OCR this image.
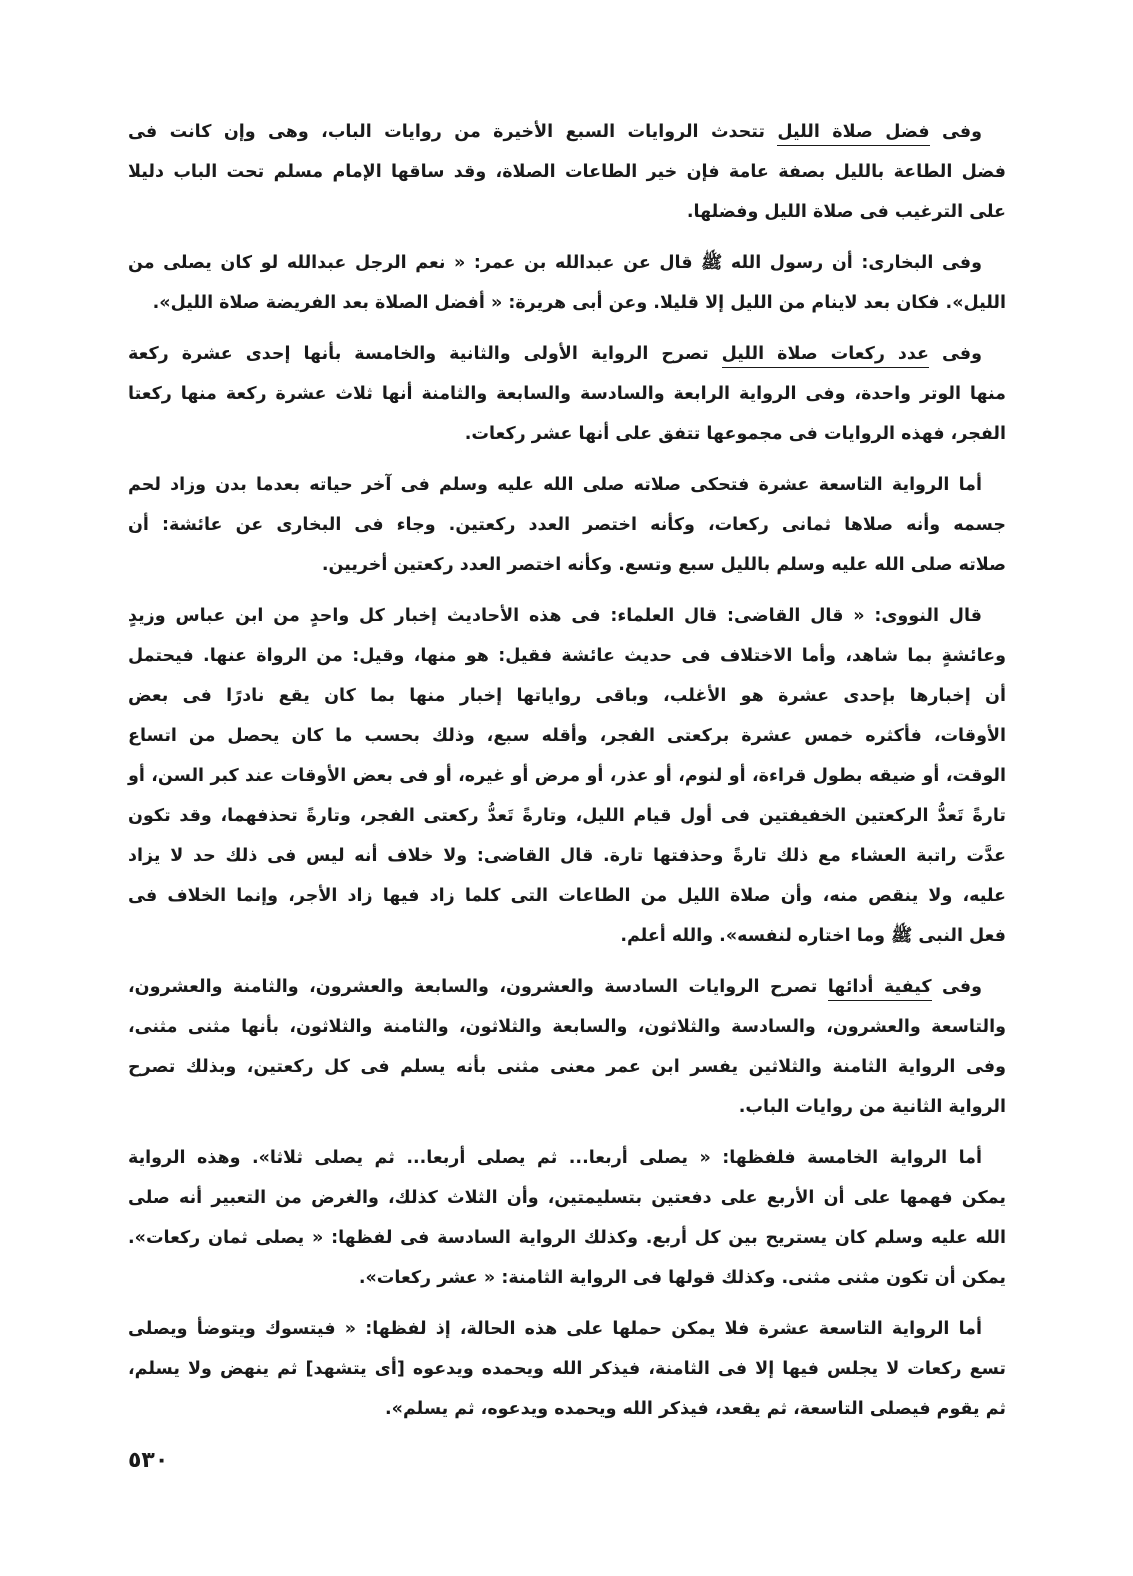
وفى فضل صلاة الليل تتحدث الروايات السبع الأخيرة من روايات الباب، وهى وإن كانت فى
فضل الطاعة بالليل بصفة عامة فإن خير الطاعات الصلاة، وقد ساقها الإمام مسلم تحت الباب دليلا
على الترغيب فى صلاة الليل وفضلها.
وفى البخارى: أن رسول الله ﷺ قال عن عبدالله بن عمر: « نعم الرجل عبدالله لو كان يصلى من
الليل». فكان بعد لاينام من الليل إلا قليلا. وعن أبى هريرة: « أفضل الصلاة بعد الفريضة صلاة الليل».
وفى عدد ركعات صلاة الليل تصرح الرواية الأولى والثانية والخامسة بأنها إحدى عشرة ركعة
منها الوتر واحدة، وفى الرواية الرابعة والسادسة والسابعة والثامنة أنها ثلاث عشرة ركعة منها ركعتا
الفجر، فهذه الروايات فى مجموعها تتفق على أنها عشر ركعات.
أما الرواية التاسعة عشرة فتحكى صلاته صلى الله عليه وسلم فى آخر حياته بعدما بدن وزاد لحم
جسمه وأنه صلاها ثمانى ركعات، وكأنه اختصر العدد ركعتين. وجاء فى البخارى عن عائشة: أن
صلاته صلى الله عليه وسلم بالليل سبع وتسع. وكأنه اختصر العدد ركعتين أخريين.
قال النووى: « قال القاضى: قال العلماء: فى هذه الأحاديث إخبار كل واحدٍ من ابن عباس وزيدٍ
وعائشةٍ بما شاهد، وأما الاختلاف فى حديث عائشة فقيل: هو منها، وقيل: من الرواة عنها. فيحتمل
أن إخبارها بإحدى عشرة هو الأغلب، وباقى رواياتها إخبار منها بما كان يقع نادرًا فى بعض
الأوقات، فأكثره خمس عشرة بركعتى الفجر، وأقله سبع، وذلك بحسب ما كان يحصل من اتساع
الوقت، أو ضيقه بطول قراءة، أو لنوم، أو عذر، أو مرض أو غيره، أو فى بعض الأوقات عند كبر السن، أو
تارةً تَعدُّ الركعتين الخفيفتين فى أول قيام الليل، وتارةً تَعدُّ ركعتى الفجر، وتارةً تحذفهما، وقد تكون
عدَّت راتبة العشاء مع ذلك تارةً وحذفتها تارة. قال القاضى: ولا خلاف أنه ليس فى ذلك حد لا يزاد
عليه، ولا ينقص منه، وأن صلاة الليل من الطاعات التى كلما زاد فيها زاد الأجر، وإنما الخلاف فى
فعل النبى ﷺ وما اختاره لنفسه». والله أعلم.
وفى كيفية أدائها تصرح الروايات السادسة والعشرون، والسابعة والعشرون، والثامنة والعشرون،
والتاسعة والعشرون، والسادسة والثلاثون، والسابعة والثلاثون، والثامنة والثلاثون، بأنها مثنى مثنى،
وفى الرواية الثامنة والثلاثين يفسر ابن عمر معنى مثنى بأنه يسلم فى كل ركعتين، وبذلك تصرح
الرواية الثانية من روايات الباب.
أما الرواية الخامسة فلفظها: « يصلى أربعا... ثم يصلى أربعا... ثم يصلى ثلاثا». وهذه الرواية
يمكن فهمها على أن الأربع على دفعتين بتسليمتين، وأن الثلاث كذلك، والغرض من التعبير أنه صلى
الله عليه وسلم كان يستريح بين كل أربع. وكذلك الرواية السادسة فى لفظها: « يصلى ثمان ركعات».
يمكن أن تكون مثنى مثنى. وكذلك قولها فى الرواية الثامنة: « عشر ركعات».
أما الرواية التاسعة عشرة فلا يمكن حملها على هذه الحالة، إذ لفظها: « فيتسوك ويتوضأ ويصلى
تسع ركعات لا يجلس فيها إلا فى الثامنة، فيذكر الله ويحمده ويدعوه [أى يتشهد] ثم ينهض ولا يسلم،
ثم يقوم فيصلى التاسعة، ثم يقعد، فيذكر الله ويحمده ويدعوه، ثم يسلم».
٥٣٠
